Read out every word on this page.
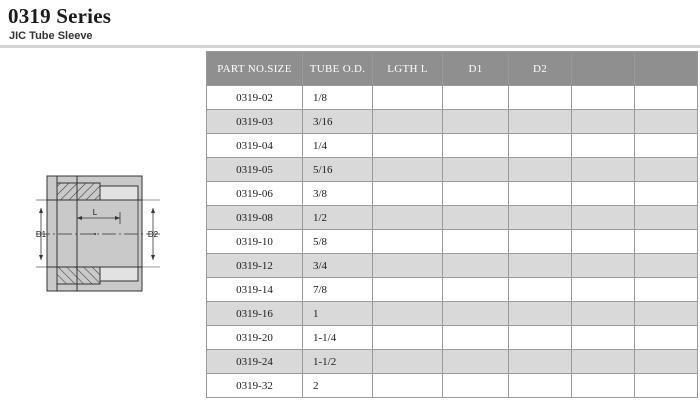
0319 Series
JIC Tube Sleeve
L
D1	D2
PART NO.SIZE	TUBE O.D.	LGTH L	D1	D2		
0319-02	1/8					
0319-03	3/16					
0319-04	1/4					
0319-05	5/16					
0319-06	3/8					
0319-08	1/2					
0319-10	5/8					
0319-12	3/4					
0319-14	7/8					
0319-16	1					
0319-20	1-1/4					
0319-24	1-1/2					
0319-32	2					
